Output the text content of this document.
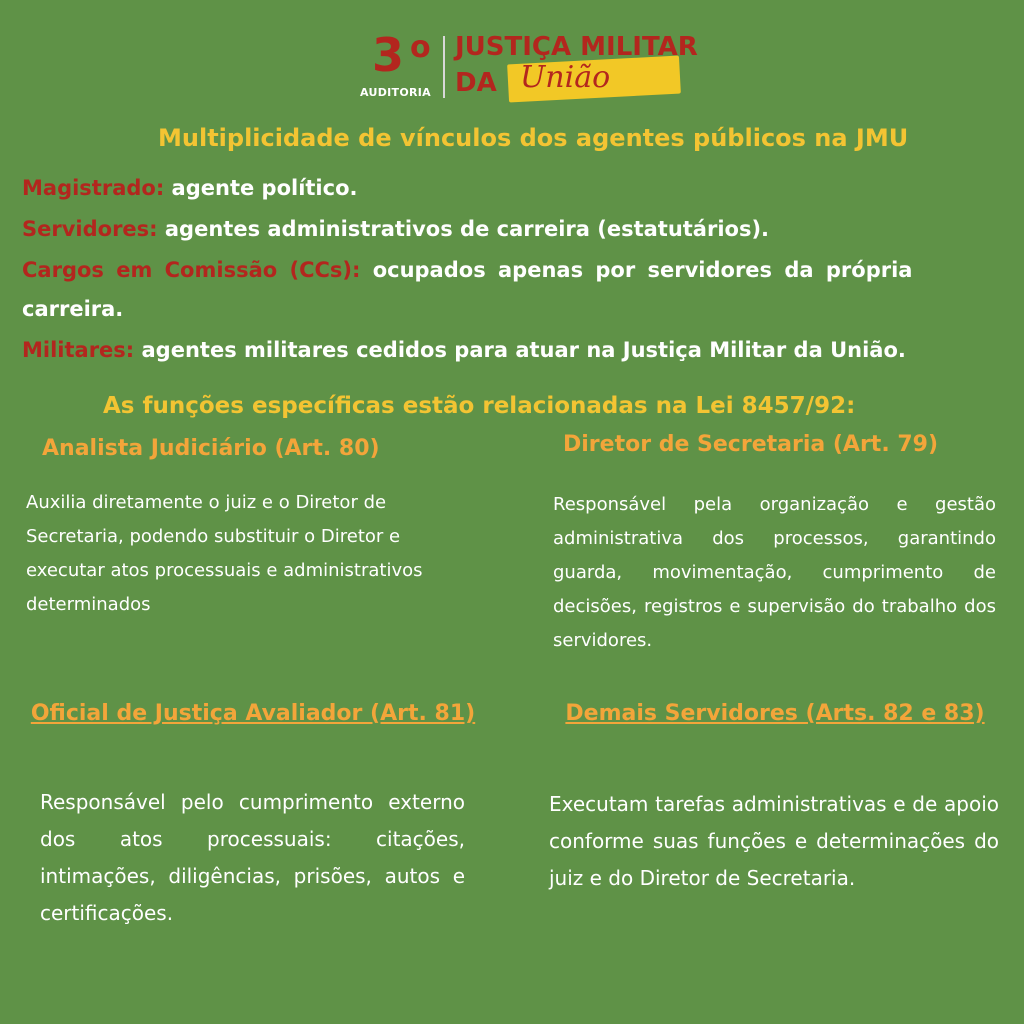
3 o
AUDITORIA
JUSTIÇA MILITAR
DA União
Multiplicidade de vínculos dos agentes públicos na JMU
Magistrado: agente político.
Servidores: agentes administrativos de carreira (estatutários).
Cargos em Comissão (CCs): ocupados apenas por servidores da própria
carreira.
Militares: agentes militares cedidos para atuar na Justiça Militar da União.
As funções específicas estão relacionadas na Lei 8457/92:
Analista Judiciário (Art. 80)
Auxilia diretamente o juiz e o Diretor de Secretaria, podendo substituir o Diretor e executar atos processuais e administrativos determinados
Diretor de Secretaria (Art. 79)
Responsável pela organização e gestão administrativa dos processos, garantindo guarda, movimentação, cumprimento de decisões, registros e supervisão do trabalho dos servidores.
Oficial de Justiça Avaliador (Art. 81)
Responsável pelo cumprimento externo dos atos processuais: citações, intimações, diligências, prisões, autos e certificações.
Demais Servidores (Arts. 82 e 83)
Executam tarefas administrativas e de apoio conforme suas funções e determinações do juiz e do Diretor de Secretaria.
